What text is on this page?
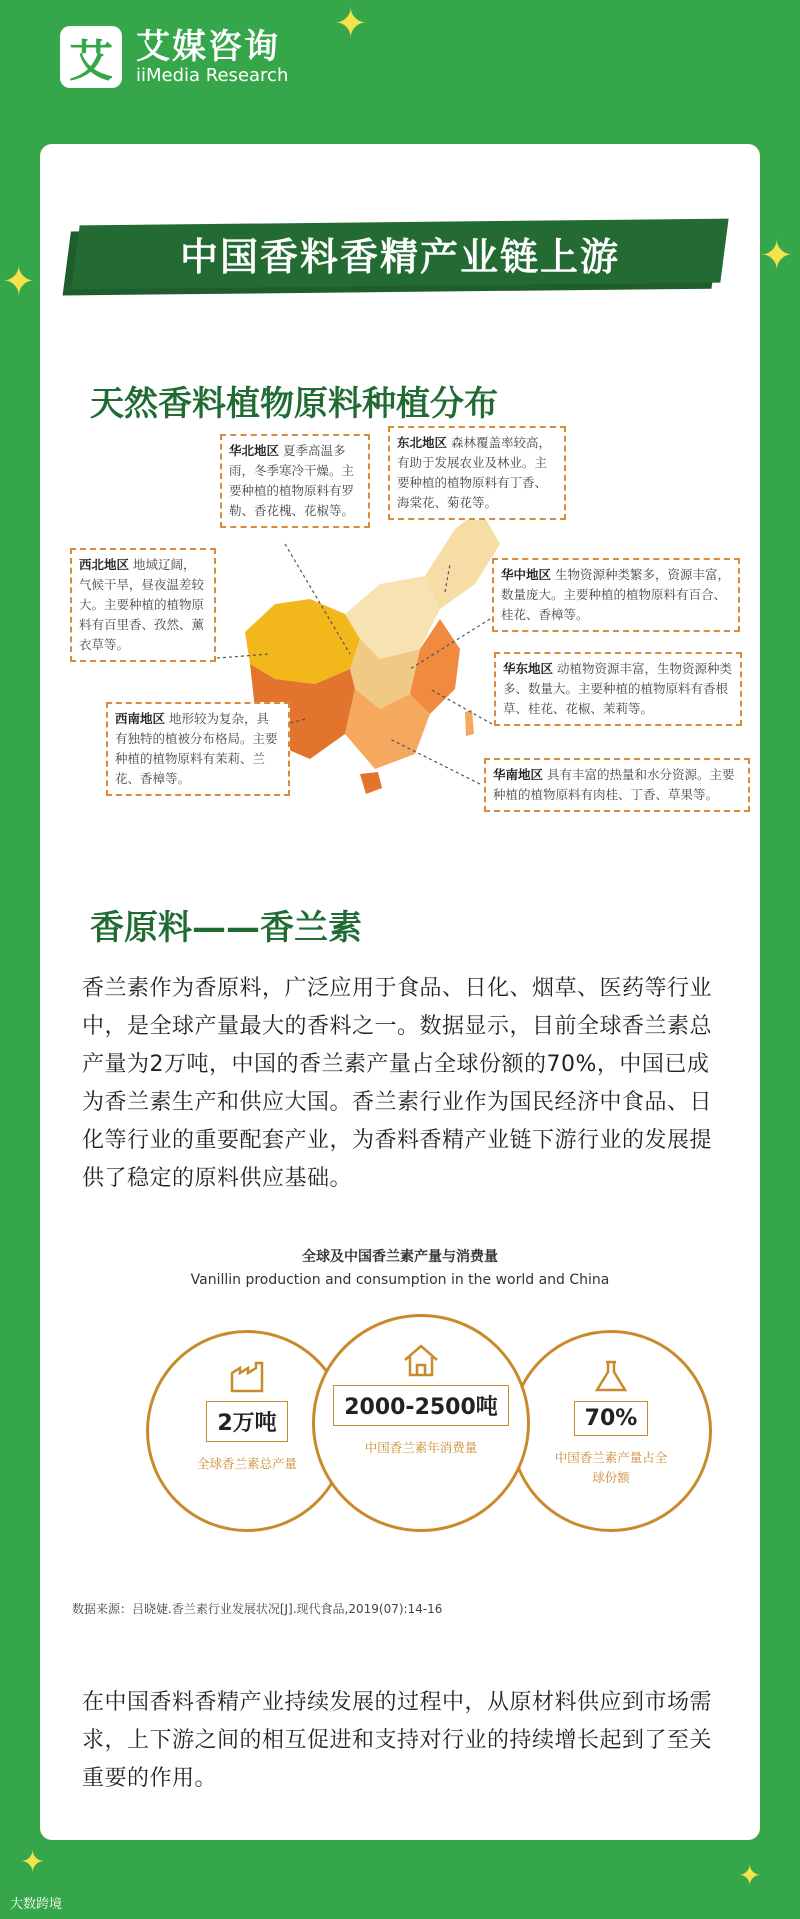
✦
✦
✦
✦	✦
艾 艾媒咨询
iiMedia Research
中国香料香精产业链上游
天然香料植物原料种植分布
华北地区 夏季高温多雨，冬季寒冷干燥。主要种植的植物原料有罗勒、香花槐、花椒等。
东北地区 森林覆盖率较高，有助于发展农业及林业。主要种植的植物原料有丁香、海棠花、菊花等。
西北地区 地域辽阔，气候干旱，昼夜温差较大。主要种植的植物原料有百里香、孜然、薰衣草等。
华中地区 生物资源种类繁多，资源丰富，数量庞大。主要种植的植物原料有百合、桂花、香樟等。
华东地区 动植物资源丰富，生物资源种类多、数量大。主要种植的植物原料有香根草、桂花、花椒、茉莉等。
西南地区 地形较为复杂，具有独特的植被分布格局。主要种植的植物原料有茉莉、兰花、香樟等。	华南地区 具有丰富的热量和水分资源。主要种植的植物原料有肉桂、丁香、草果等。
香原料——香兰素
香兰素作为香原料，广泛应用于食品、日化、烟草、医药等行业中，是全球产量最大的香料之一。数据显示，目前全球香兰素总产量为2万吨，中国的香兰素产量占全球份额的70%，中国已成为香兰素生产和供应大国。香兰素行业作为国民经济中食品、日化等行业的重要配套产业，为香料香精产业链下游行业的发展提供了稳定的原料供应基础。
全球及中国香兰素产量与消费量
Vanillin production and consumption in the world and China
2万吨
全球香兰素总产量
2000-2500吨
中国香兰素年消费量
70%
中国香兰素产量占全球份额
数据来源：吕晓婕.香兰素行业发展状况[J].现代食品,2019(07):14-16
在中国香料香精产业持续发展的过程中，从原材料供应到市场需求，上下游之间的相互促进和支持对行业的持续增长起到了至关重要的作用。
大数跨境
